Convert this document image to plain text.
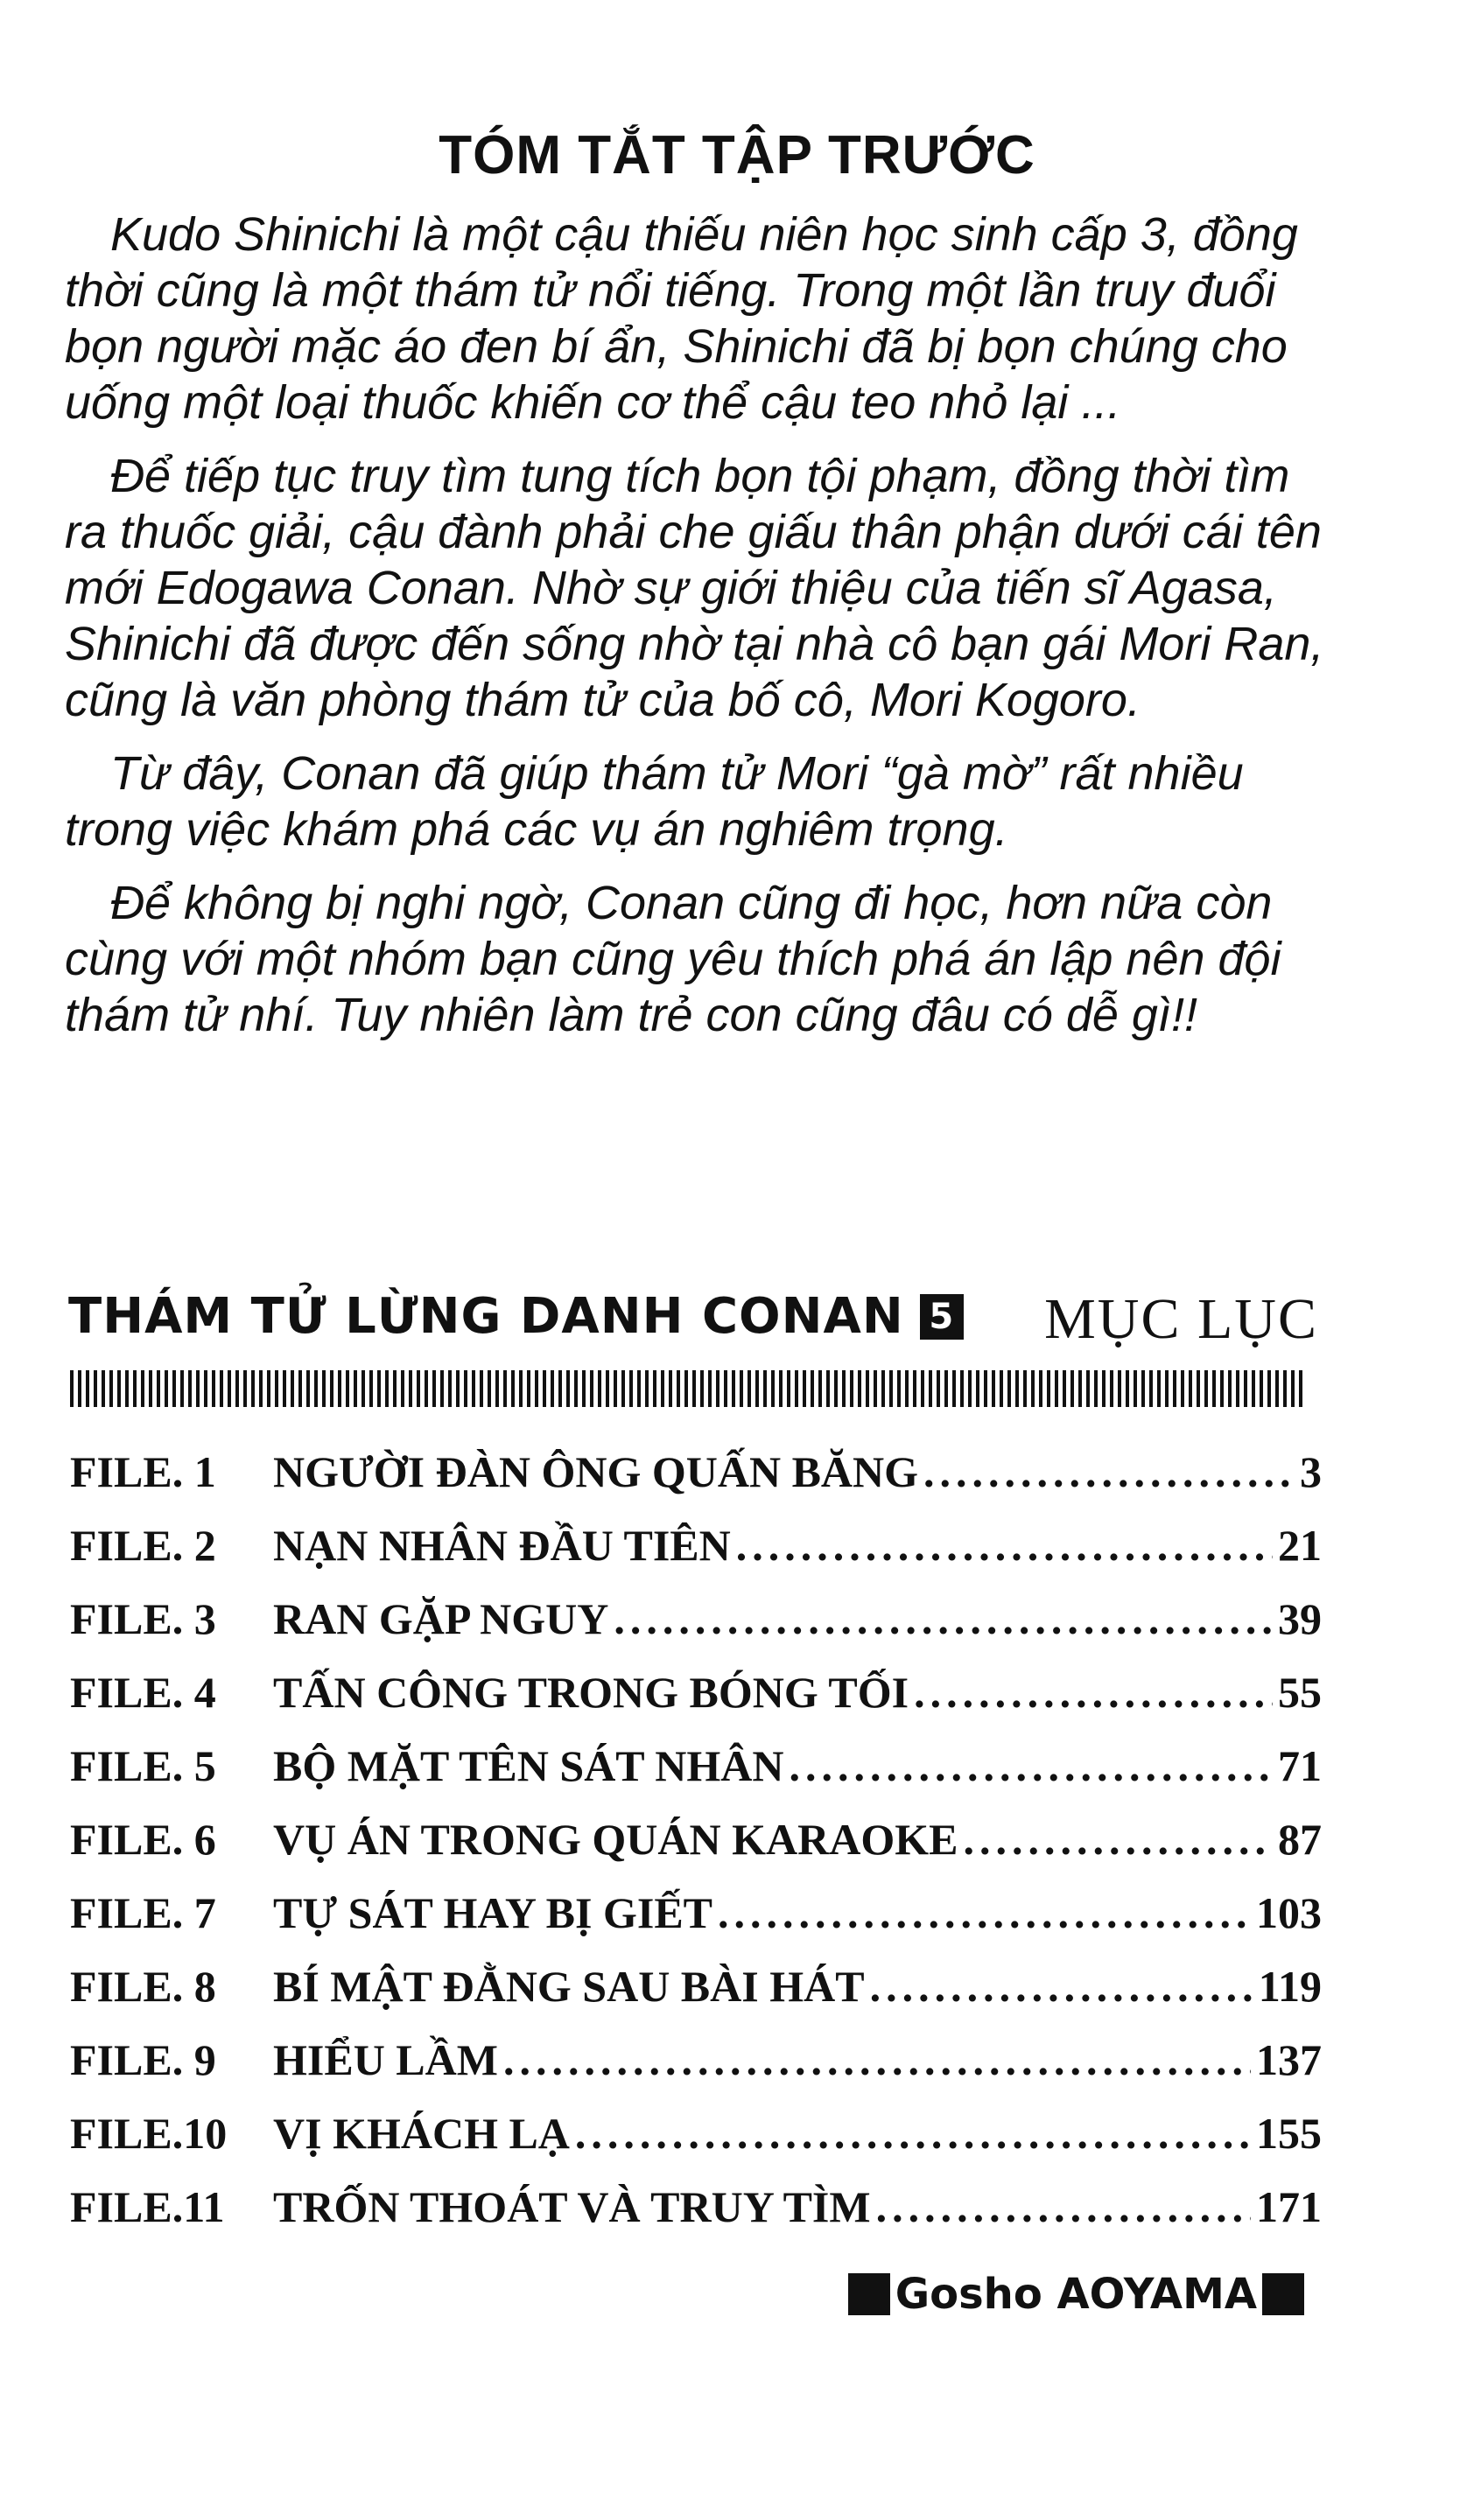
TÓM TẮT TẬP TRƯỚC

Kudo Shinichi là một cậu thiếu niên học sinh cấp 3, đồng thời cũng là một thám tử nổi tiếng. Trong một lần truy đuổi bọn người mặc áo đen bí ẩn, Shinichi đã bị bọn chúng cho uống một loại thuốc khiến cơ thể cậu teo nhỏ lại ...

Để tiếp tục truy tìm tung tích bọn tội phạm, đồng thời tìm ra thuốc giải, cậu đành phải che giấu thân phận dưới cái tên mới Edogawa Conan. Nhờ sự giới thiệu của tiến sĩ Agasa, Shinichi đã được đến sống nhờ tại nhà cô bạn gái Mori Ran, cũng là văn phòng thám tử của bố cô, Mori Kogoro.

Từ đây, Conan đã giúp thám tử Mori “gà mờ” rất nhiều trong việc khám phá các vụ án nghiêm trọng.

Để không bị nghi ngờ, Conan cũng đi học, hơn nữa còn cùng với một nhóm bạn cũng yêu thích phá án lập nên đội thám tử nhí. Tuy nhiên làm trẻ con cũng đâu có dễ gì!!

THÁM TỬ LỪNG DANH CONAN 5 MỤC LỤC
FILE. 1	NGƯỜI ĐÀN ÔNG QUẤN BĂNG .....	3
FILE. 2	NẠN NHÂN ĐẦU TIÊN .....	21
FILE. 3	RAN GẶP NGUY .....	39
FILE. 4	TẤN CÔNG TRONG BÓNG TỐI .....	55
FILE. 5	BỘ MẶT TÊN SÁT NHÂN .....	71
FILE. 6	VỤ ÁN TRONG QUÁN KARAOKE .....	87
FILE. 7	TỰ SÁT HAY BỊ GIẾT .....	103
FILE. 8	BÍ MẬT ĐẰNG SAU BÀI HÁT .....	119
FILE. 9	HIỂU LẦM .....	137
FILE.10	VỊ KHÁCH LẠ .....	155
FILE.11	TRỐN THOÁT VÀ TRUY TÌM .....	171
Gosho AOYAMA
